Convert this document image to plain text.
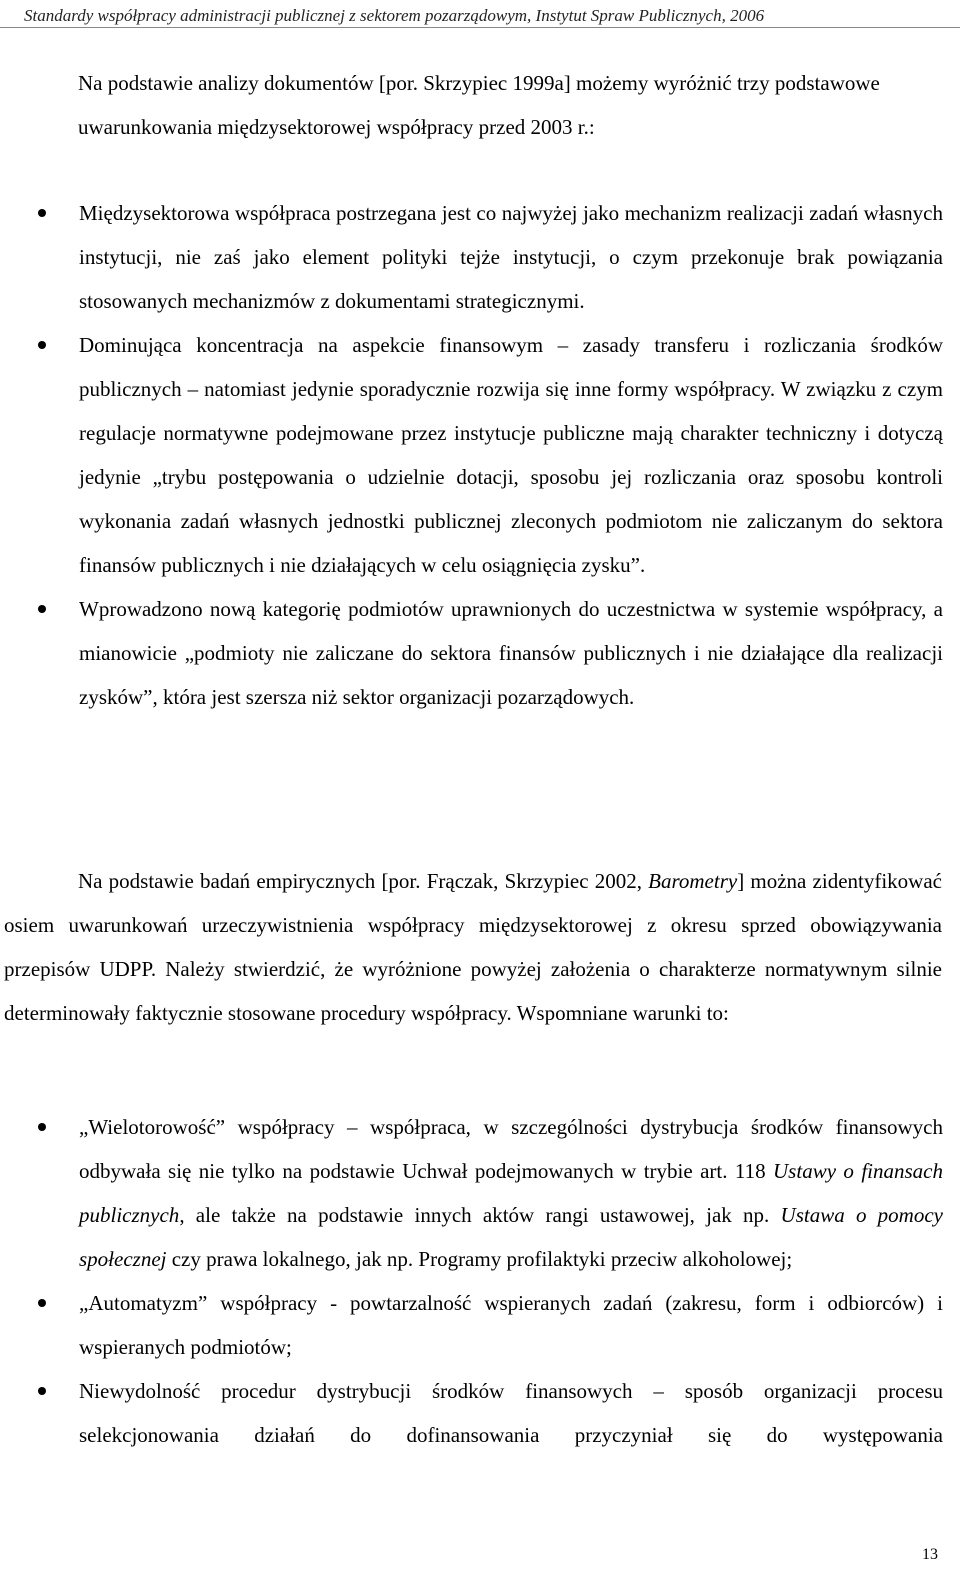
Standardy współpracy administracji publicznej z sektorem pozarządowym, Instytut Spraw Publicznych, 2006

Na podstawie analizy dokumentów [por. Skrzypiec 1999a] możemy wyróżnić trzy podstawowe uwarunkowania międzysektorowej współpracy przed 2003 r.:

Międzysektorowa współpraca postrzegana jest co najwyżej jako mechanizm realizacji zadań własnych instytucji, nie zaś jako element polityki tejże instytucji, o czym przekonuje brak powiązania stosowanych mechanizmów z dokumentami strategicznymi.
Dominująca koncentracja na aspekcie finansowym – zasady transferu i rozliczania środków publicznych – natomiast jedynie sporadycznie rozwija się inne formy współpracy. W związku z czym regulacje normatywne podejmowane przez instytucje publiczne mają charakter techniczny i dotyczą jedynie „trybu postępowania o udzielnie dotacji, sposobu jej rozliczania oraz sposobu kontroli wykonania zadań własnych jednostki publicznej zleconych podmiotom nie zaliczanym do sektora finansów publicznych i nie działających w celu osiągnięcia zysku”.
Wprowadzono nową kategorię podmiotów uprawnionych do uczestnictwa w systemie współpracy, a mianowicie „podmioty nie zaliczane do sektora finansów publicznych i nie działające dla realizacji zysków”, która jest szersza niż sektor organizacji pozarządowych.

Na podstawie badań empirycznych [por. Frączak, Skrzypiec 2002, Barometry] można zidentyfikować osiem uwarunkowań urzeczywistnienia współpracy międzysektorowej z okresu sprzed obowiązywania przepisów UDPP. Należy stwierdzić, że wyróżnione powyżej założenia o charakterze normatywnym silnie determinowały faktycznie stosowane procedury współpracy. Wspomniane warunki to:

„Wielotorowość” współpracy – współpraca, w szczególności dystrybucja środków finansowych odbywała się nie tylko na podstawie Uchwał podejmowanych w trybie art. 118 Ustawy o finansach publicznych, ale także na podstawie innych aktów rangi ustawowej, jak np. Ustawa o pomocy społecznej czy prawa lokalnego, jak np. Programy profilaktyki przeciw alkoholowej;
„Automatyzm” współpracy - powtarzalność wspieranych zadań (zakresu, form i odbiorców) i wspieranych podmiotów;
Niewydolność procedur dystrybucji środków finansowych – sposób organizacji procesu selekcjonowania działań do dofinansowania przyczyniał się do występowania
13
